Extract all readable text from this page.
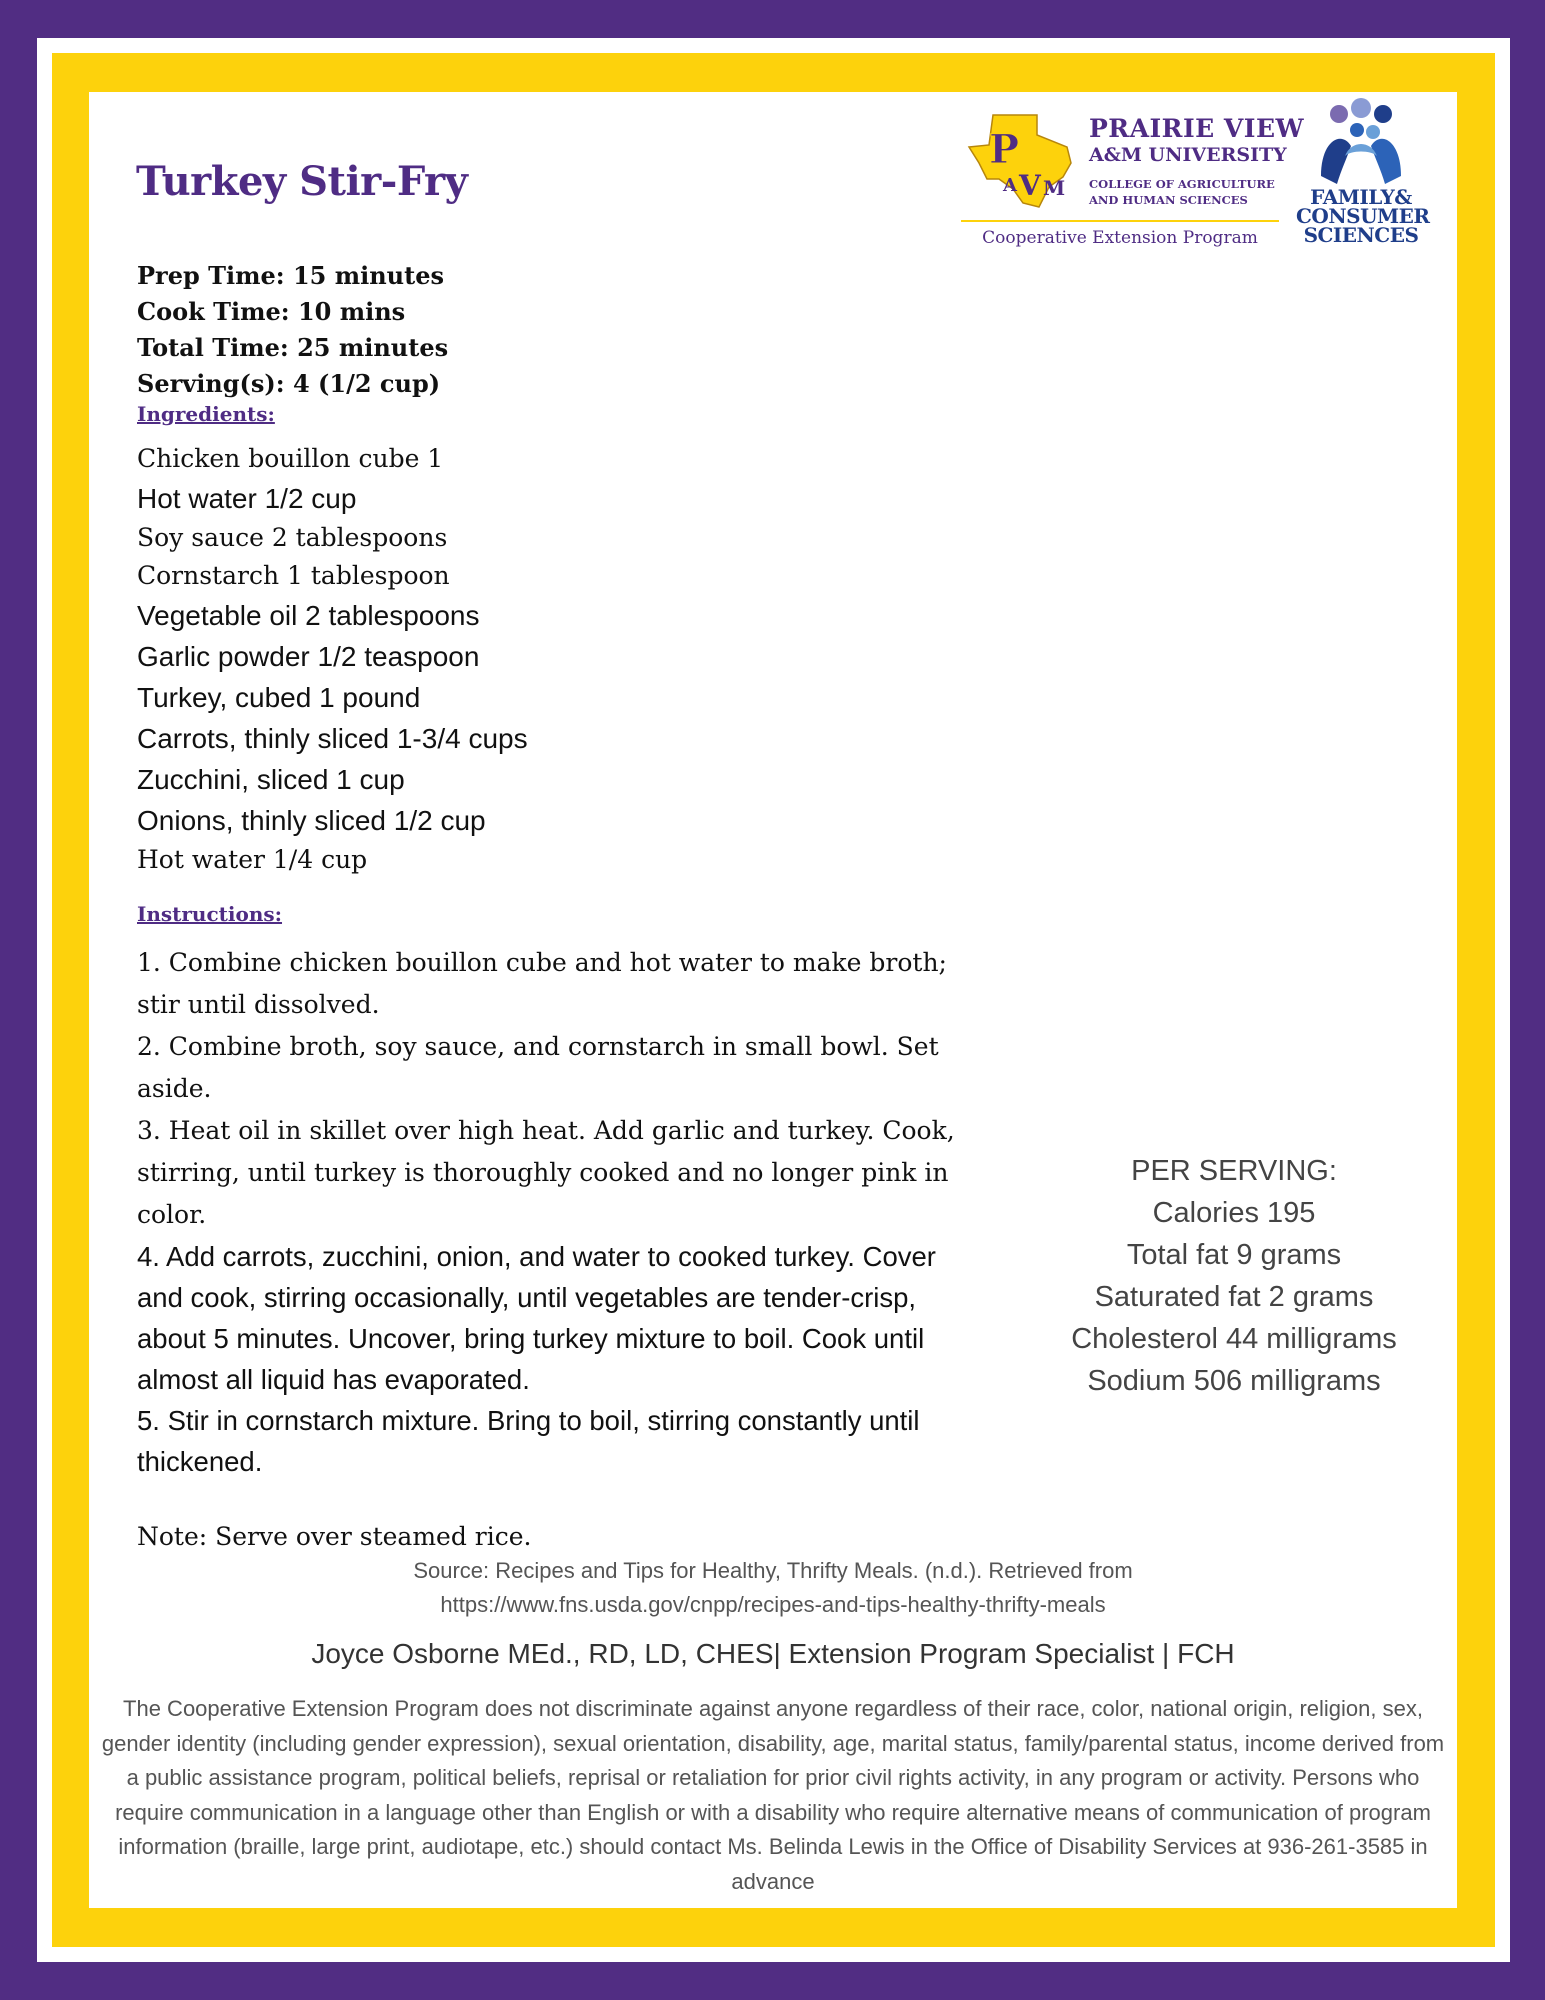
Turkey Stir-Fry
P
V
A M
PRAIRIE VIEW
A&M UNIVERSITY
COLLEGE OF AGRICULTURE
AND HUMAN SCIENCES
Cooperative Extension Program
FAMILY&
CONSUMER
SCIENCES
Prep Time: 15 minutes
Cook Time: 10 mins
Total Time: 25 minutes
Serving(s): 4 (1/2 cup)
Ingredients:
Chicken bouillon cube 1
Hot water 1/2 cup
Soy sauce 2 tablespoons
Cornstarch 1 tablespoon
Vegetable oil 2 tablespoons
Garlic powder 1/2 teaspoon
Turkey, cubed 1 pound
Carrots, thinly sliced 1-3/4 cups
Zucchini, sliced 1 cup
Onions, thinly sliced 1/2 cup
Hot water 1/4 cup
Instructions:
1. Combine chicken bouillon cube and hot water to make broth; stir until dissolved.
2. Combine broth, soy sauce, and cornstarch in small bowl. Set aside.
3. Heat oil in skillet over high heat. Add garlic and turkey. Cook, stirring, until turkey is thoroughly cooked and no longer pink in color.
4. Add carrots, zucchini, onion, and water to cooked turkey. Cover and cook, stirring occasionally, until vegetables are tender-crisp, about 5 minutes. Uncover, bring turkey mixture to boil. Cook until almost all liquid has evaporated.
5. Stir in cornstarch mixture. Bring to boil, stirring constantly until thickened.
Note: Serve over steamed rice.
PER SERVING:
Calories 195
Total fat 9 grams
Saturated fat 2 grams
Cholesterol 44 milligrams
Sodium 506 milligrams
Source: Recipes and Tips for Healthy, Thrifty Meals. (n.d.). Retrieved from
https://www.fns.usda.gov/cnpp/recipes-and-tips-healthy-thrifty-meals
Joyce Osborne MEd., RD, LD, CHES| Extension Program Specialist | FCH
The Cooperative Extension Program does not discriminate against anyone regardless of their race, color, national origin, religion, sex, gender identity (including gender expression), sexual orientation, disability, age, marital status, family/parental status, income derived from a public assistance program, political beliefs, reprisal or retaliation for prior civil rights activity, in any program or activity. Persons who require communication in a language other than English or with a disability who require alternative means of communication of program information (braille, large print, audiotape, etc.) should contact Ms. Belinda Lewis in the Office of Disability Services at 936-261-3585 in advance
